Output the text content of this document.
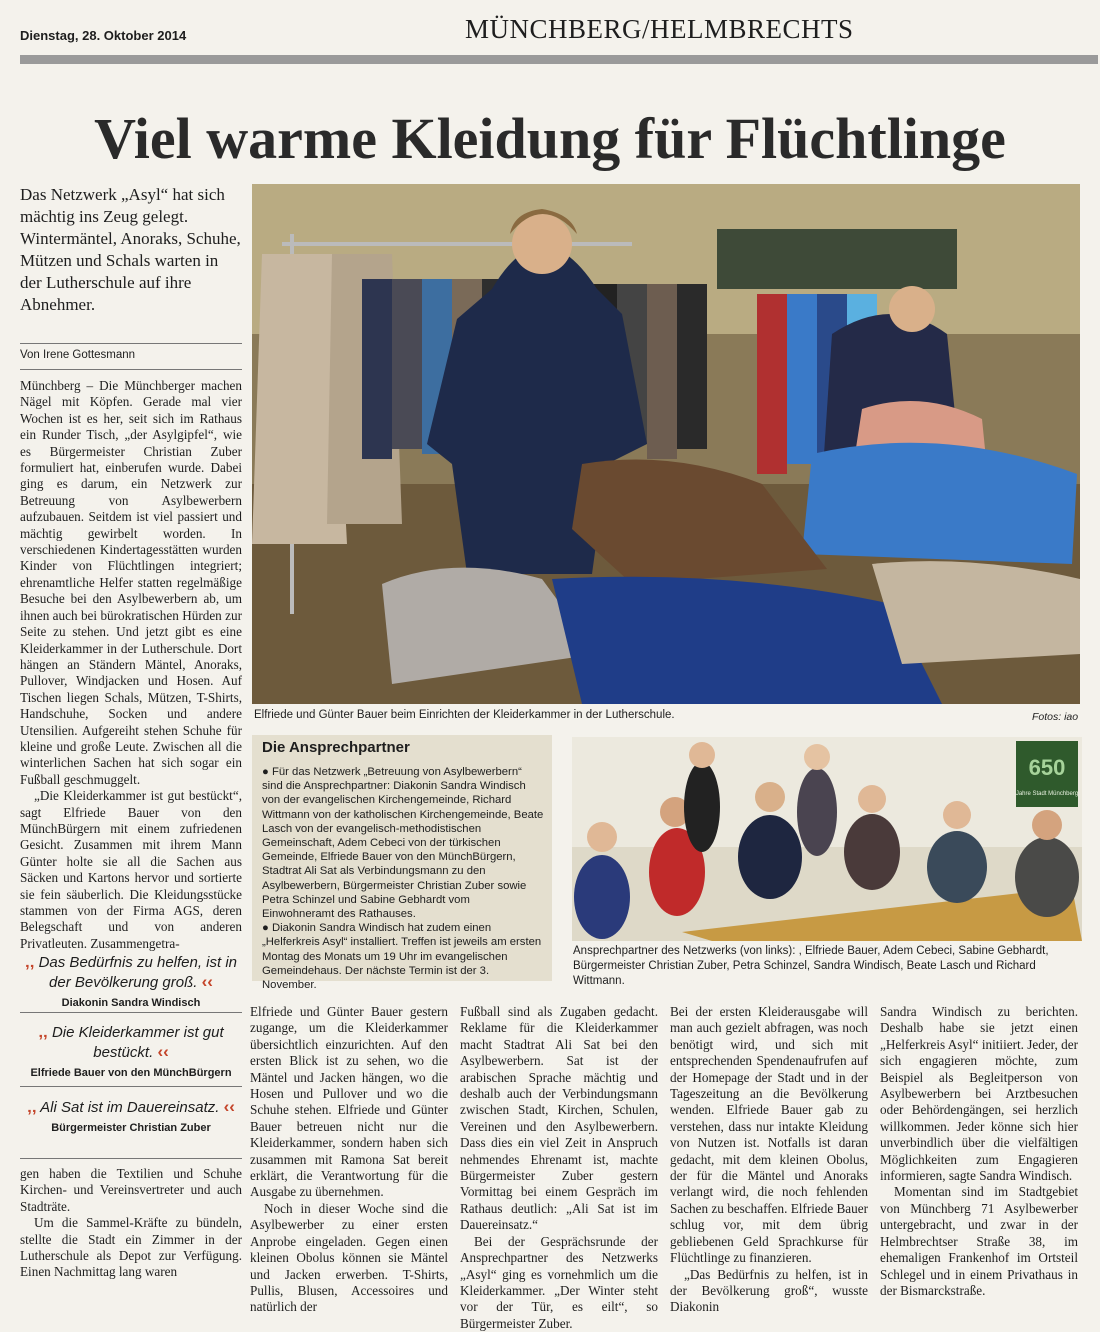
Dienstag, 28. Oktober 2014	MÜNCHBERG/HELMBRECHTS
Viel warme Kleidung für Flüchtlinge
Das Netzwerk „Asyl“ hat sich mächtig ins Zeug gelegt. Wintermäntel, Anoraks, Schuhe, Mützen und Schals warten in der Lutherschule auf ihre Abnehmer.
Von Irene Gottesmann

Münchberg – Die Münchberger machen Nägel mit Köpfen. Gerade mal vier Wochen ist es her, seit sich im Rathaus ein Runder Tisch, „der Asylgipfel“, wie es Bürgermeister Christian Zuber formuliert hat, einberufen wurde. Dabei ging es darum, ein Netzwerk zur Betreuung von Asylbewerbern aufzubauen. Seitdem ist viel passiert und mächtig gewirbelt worden. In verschiedenen Kindertagesstätten wurden Kinder von Flüchtlingen integriert; ehrenamtliche Helfer statten regelmäßige Besuche bei den Asylbewerbern ab, um ihnen auch bei bürokratischen Hürden zur Seite zu stehen. Und jetzt gibt es eine Kleiderkammer in der Lutherschule. Dort hängen an Ständern Mäntel, Anoraks, Pullover, Windjacken und Hosen. Auf Tischen liegen Schals, Mützen, T-Shirts, Handschuhe, Socken und andere Utensilien. Aufgereiht stehen Schuhe für kleine und große Leute. Zwischen all die winterlichen Sachen hat sich sogar ein Fußball geschmuggelt.

„Die Kleiderkammer ist gut bestückt“, sagt Elfriede Bauer von den MünchBürgern mit einem zufriedenen Gesicht. Zusammen mit ihrem Mann Günter holte sie all die Sachen aus Säcken und Kartons hervor und sortierte sie fein säuberlich. Die Kleidungsstücke stammen von der Firma AGS, deren Belegschaft und von anderen Privatleuten. Zusammengetra-

‚‚ Das Bedürfnis zu helfen, ist in der Bevölkerung groß. ‹‹
Diakonin Sandra Windisch
‚‚ Die Kleiderkammer ist gut bestückt. ‹‹
Elfriede Bauer von den MünchBürgern
‚‚ Ali Sat ist im Dauereinsatz. ‹‹
Bürgermeister Christian Zuber

gen haben die Textilien und Schuhe Kirchen- und Vereinsvertreter und auch Stadträte.

Um die Sammel-Kräfte zu bündeln, stellte die Stadt ein Zimmer in der Lutherschule als Depot zur Verfügung. Einen Nachmittag lang waren

Elfriede und Günter Bauer beim Einrichten der Kleiderkammer in der Lutherschule.	Fotos: iao
Die Ansprechpartner

● Für das Netzwerk „Betreuung von Asylbewerbern“ sind die Ansprechpartner: Diakonin Sandra Windisch von der evangelischen Kirchengemeinde, Richard Wittmann von der katholischen Kirchengemeinde, Beate Lasch von der evangelisch-methodistischen Gemeinschaft, Adem Cebeci von der türkischen Gemeinde, Elfriede Bauer von den MünchBürgern, Stadtrat Ali Sat als Verbindungsmann zu den Asylbewerbern, Bürgermeister Christian Zuber sowie Petra Schinzel und Sabine Gebhardt vom Einwohneramt des Rathauses.

● Diakonin Sandra Windisch hat zudem einen „Helferkreis Asyl“ installiert. Treffen ist jeweils am ersten Montag des Monats um 19 Uhr im evangelischen Gemeindehaus. Der nächste Termin ist der 3. November.

650
Jahre Stadt Münchberg
Ansprechpartner des Netzwerks (von links): , Elfriede Bauer, Adem Cebeci, Sabine Gebhardt, Bürgermeister Christian Zuber, Petra Schinzel, Sandra Windisch, Beate Lasch und Richard Wittmann.

Elfriede und Günter Bauer gestern zugange, um die Kleiderkammer übersichtlich einzurichten. Auf den ersten Blick ist zu sehen, wo die Mäntel und Jacken hängen, wo die Hosen und Pullover und wo die Schuhe stehen. Elfriede und Günter Bauer betreuen nicht nur die Kleiderkammer, sondern haben sich zusammen mit Ramona Sat bereit erklärt, die Verantwortung für die Ausgabe zu übernehmen.

Noch in dieser Woche sind die Asylbewerber zu einer ersten Anprobe eingeladen. Gegen einen kleinen Obolus können sie Mäntel und Jacken erwerben. T-Shirts, Pullis, Blusen, Accessoires und natürlich der

Fußball sind als Zugaben gedacht. Reklame für die Kleiderkammer macht Stadtrat Ali Sat bei den Asylbewerbern. Sat ist der arabischen Sprache mächtig und deshalb auch der Verbindungsmann zwischen Stadt, Kirchen, Schulen, Vereinen und den Asylbewerbern. Dass dies ein viel Zeit in Anspruch nehmendes Ehrenamt ist, machte Bürgermeister Zuber gestern Vormittag bei einem Gespräch im Rathaus deutlich: „Ali Sat ist im Dauereinsatz.“

Bei der Gesprächsrunde der Ansprechpartner des Netzwerks „Asyl“ ging es vornehmlich um die Kleiderkammer. „Der Winter steht vor der Tür, es eilt“, so Bürgermeister Zuber.

Bei der ersten Kleiderausgabe will man auch gezielt abfragen, was noch benötigt wird, und sich mit entsprechenden Spendenaufrufen auf der Homepage der Stadt und in der Tageszeitung an die Bevölkerung wenden. Elfriede Bauer gab zu verstehen, dass nur intakte Kleidung von Nutzen ist. Notfalls ist daran gedacht, mit dem kleinen Obolus, der für die Mäntel und Anoraks verlangt wird, die noch fehlenden Sachen zu beschaffen. Elfriede Bauer schlug vor, mit dem übrig gebliebenen Geld Sprachkurse für Flüchtlinge zu finanzieren.

„Das Bedürfnis zu helfen, ist in der Bevölkerung groß“, wusste Diakonin

Sandra Windisch zu berichten. Deshalb habe sie jetzt einen „Helferkreis Asyl“ initiiert. Jeder, der sich engagieren möchte, zum Beispiel als Begleitperson von Asylbewerbern bei Arztbesuchen oder Behördengängen, sei herzlich willkommen. Jeder könne sich hier unverbindlich über die vielfältigen Möglichkeiten zum Engagieren informieren, sagte Sandra Windisch.

Momentan sind im Stadtgebiet von Münchberg 71 Asylbewerber untergebracht, und zwar in der Helmbrechtser Straße 38, im ehemaligen Frankenhof im Ortsteil Schlegel und in einem Privathaus in der Bismarckstraße.
